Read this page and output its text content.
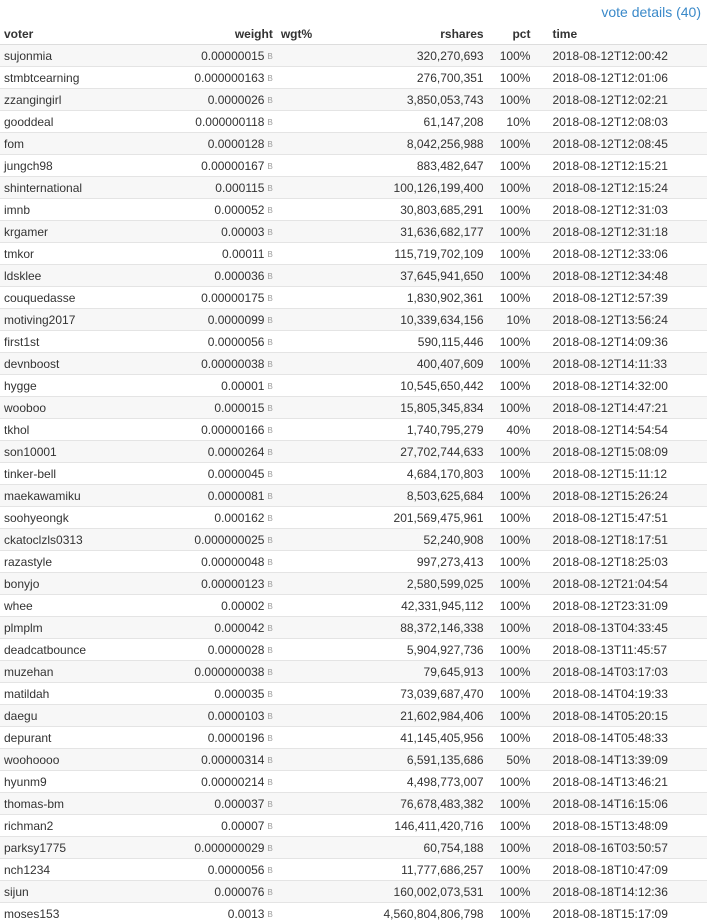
vote details (40)
voter	weight	wgt%	rshares	pct	time
sujonmia	0.00000015 B		320,270,693	100%	2018-08-12T12:00:42
stmbtcearning	0.000000163 B		276,700,351	100%	2018-08-12T12:01:06
zzangingirl	0.0000026 B		3,850,053,743	100%	2018-08-12T12:02:21
gooddeal	0.000000118 B		61,147,208	10%	2018-08-12T12:08:03
fom	0.0000128 B		8,042,256,988	100%	2018-08-12T12:08:45
jungch98	0.00000167 B		883,482,647	100%	2018-08-12T12:15:21
shinternational	0.000115 B		100,126,199,400	100%	2018-08-12T12:15:24
imnb	0.000052 B		30,803,685,291	100%	2018-08-12T12:31:03
krgamer	0.00003 B		31,636,682,177	100%	2018-08-12T12:31:18
tmkor	0.00011 B		115,719,702,109	100%	2018-08-12T12:33:06
ldsklee	0.000036 B		37,645,941,650	100%	2018-08-12T12:34:48
couquedasse	0.00000175 B		1,830,902,361	100%	2018-08-12T12:57:39
motiving2017	0.0000099 B		10,339,634,156	10%	2018-08-12T13:56:24
first1st	0.0000056 B		590,115,446	100%	2018-08-12T14:09:36
devnboost	0.00000038 B		400,407,609	100%	2018-08-12T14:11:33
hygge	0.00001 B		10,545,650,442	100%	2018-08-12T14:32:00
wooboo	0.000015 B		15,805,345,834	100%	2018-08-12T14:47:21
tkhol	0.00000166 B		1,740,795,279	40%	2018-08-12T14:54:54
son10001	0.0000264 B		27,702,744,633	100%	2018-08-12T15:08:09
tinker-bell	0.0000045 B		4,684,170,803	100%	2018-08-12T15:11:12
maekawamiku	0.0000081 B		8,503,625,684	100%	2018-08-12T15:26:24
soohyeongk	0.000162 B		201,569,475,961	100%	2018-08-12T15:47:51
ckatoclzls0313	0.000000025 B		52,240,908	100%	2018-08-12T18:17:51
razastyle	0.00000048 B		997,273,413	100%	2018-08-12T18:25:03
bonyjo	0.00000123 B		2,580,599,025	100%	2018-08-12T21:04:54
whee	0.00002 B		42,331,945,112	100%	2018-08-12T23:31:09
plmplm	0.000042 B		88,372,146,338	100%	2018-08-13T04:33:45
deadcatbounce	0.0000028 B		5,904,927,736	100%	2018-08-13T11:45:57
muzehan	0.000000038 B		79,645,913	100%	2018-08-14T03:17:03
matildah	0.000035 B		73,039,687,470	100%	2018-08-14T04:19:33
daegu	0.0000103 B		21,602,984,406	100%	2018-08-14T05:20:15
depurant	0.0000196 B		41,145,405,956	100%	2018-08-14T05:48:33
woohoooo	0.00000314 B		6,591,135,686	50%	2018-08-14T13:39:09
hyunm9	0.00000214 B		4,498,773,007	100%	2018-08-14T13:46:21
thomas-bm	0.000037 B		76,678,483,382	100%	2018-08-14T16:15:06
richman2	0.00007 B		146,411,420,716	100%	2018-08-15T13:48:09
parksy1775	0.000000029 B		60,754,188	100%	2018-08-16T03:50:57
nch1234	0.0000056 B		11,777,686,257	100%	2018-08-18T10:47:09
sijun	0.000076 B		160,002,073,531	100%	2018-08-18T14:12:36
moses153	0.0013 B		4,560,804,806,798	100%	2018-08-18T15:17:09
